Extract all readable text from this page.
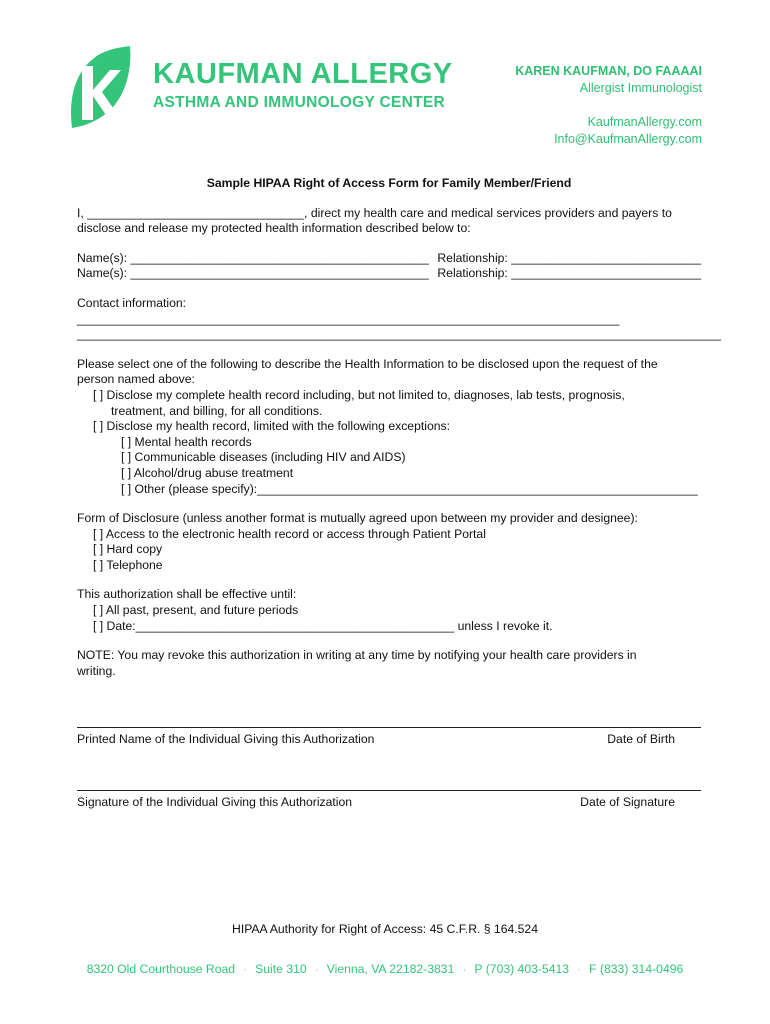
KAUFMAN ALLERGY
ASTHMA AND IMMUNOLOGY CENTER
KAREN KAUFMAN, DO FAAAAI
Allergist Immunologist
KaufmanAllergy.com
Info@KaufmanAllergy.com
Sample HIPAA Right of Access Form for Family Member/Friend

I, ________________________________, direct my health care and medical services providers and payers to

disclose and release my protected health information described below to:

Name(s): ____________________________________________ Relationship: ____________________________
Name(s): ____________________________________________ Relationship: ____________________________

Contact information: ________________________________________________________________________________

_______________________________________________________________________________________________

Please select one of the following to describe the Health Information to be disclosed upon the request of the

person named above:

[ ] Disclose my complete health record including, but not limited to, diagnoses, lab tests, prognosis,

treatment, and billing, for all conditions.

[ ] Disclose my health record, limited with the following exceptions:

[ ] Mental health records

[ ] Communicable diseases (including HIV and AIDS)

[ ] Alcohol/drug abuse treatment

[ ] Other (please specify):_________________________________________________________________

Form of Disclosure (unless another format is mutually agreed upon between my provider and designee):

[ ] Access to the electronic health record or access through Patient Portal

[ ] Hard copy

[ ] Telephone

This authorization shall be effective until:

[ ] All past, present, and future periods

[ ] Date:_______________________________________________ unless I revoke it.

NOTE: You may revoke this authorization in writing at any time by notifying your health care providers in

writing.

Printed Name of the Individual Giving this Authorization	Date of Birth
Signature of the Individual Giving this Authorization	Date of Signature
HIPAA Authority for Right of Access: 45 C.F.R. § 164.524
8320 Old Courthouse Road · Suite 310 · Vienna, VA 22182-3831 · P (703) 403-5413 · F (833) 314-0496
